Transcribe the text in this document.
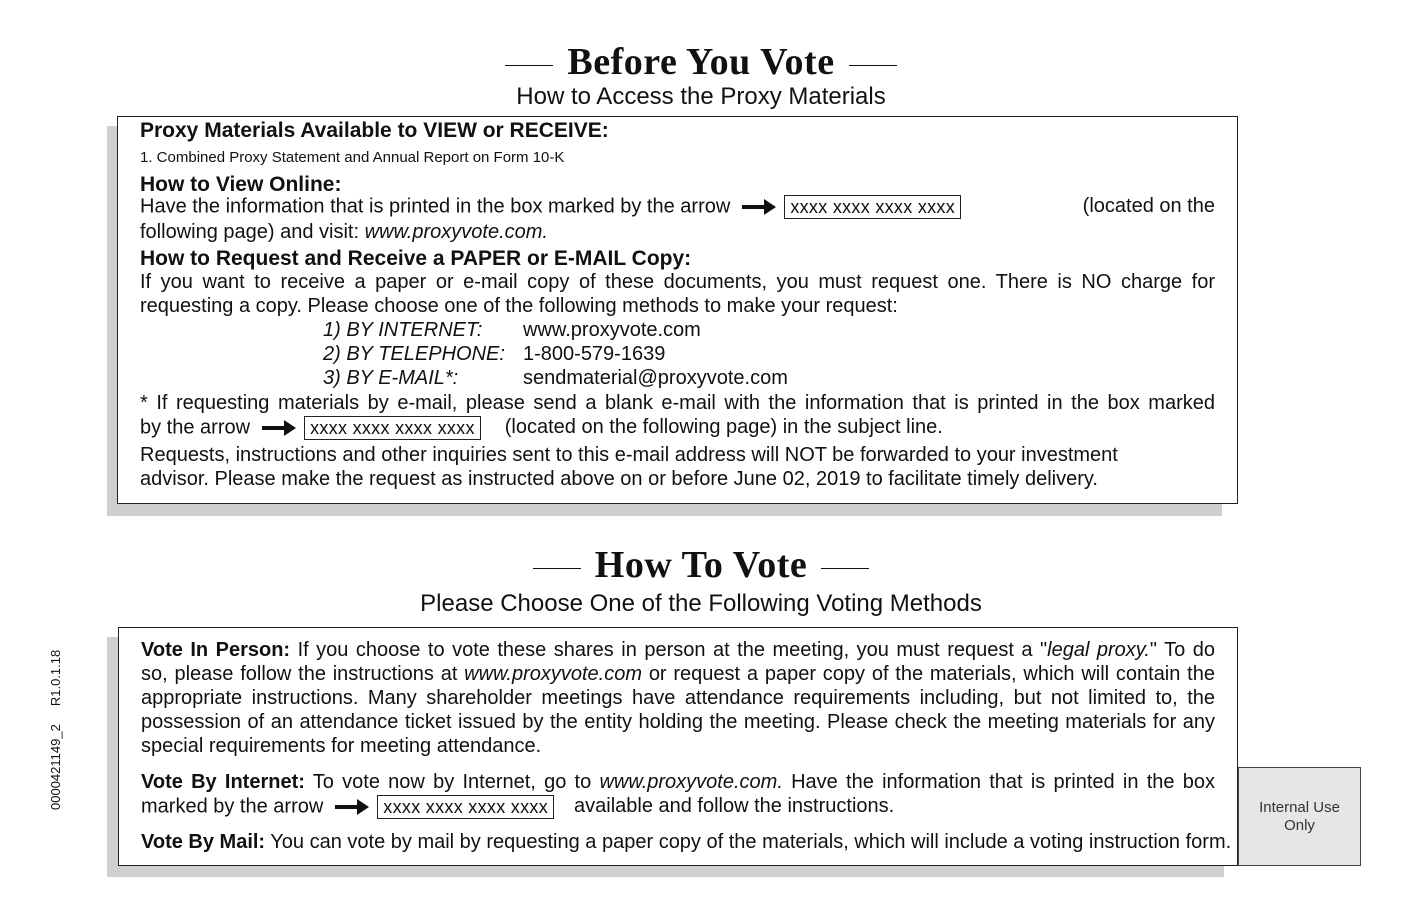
Before You Vote
How to Access the Proxy Materials
Proxy Materials Available to VIEW or RECEIVE:
1. Combined Proxy Statement and Annual Report on Form 10-K
How to View Online:
Have the information that is printed in the box marked by the arrow	xxxx xxxx xxxx xxxx	(located on the
following page) and visit: www.proxyvote.com.
How to Request and Receive a PAPER or E-MAIL Copy:
If you want to receive a paper or e-mail copy of these documents, you must request one. There is NO charge for
requesting a copy. Please choose one of the following methods to make your request:
1) BY INTERNET: www.proxyvote.com
2) BY TELEPHONE: 1-800-579-1639
3) BY E-MAIL*:	sendmaterial@proxyvote.com
* If requesting materials by e-mail, please send a blank e-mail with the information that is printed in the box marked
by the arrow	xxxx xxxx xxxx xxxx (located on the following page) in the subject line.
Requests, instructions and other inquiries sent to this e-mail address will NOT be forwarded to your investment
advisor. Please make the request as instructed above on or before June 02, 2019 to facilitate timely delivery.
How To Vote
Please Choose One of the Following Voting Methods
Vote In Person: If you choose to vote these shares in person at the meeting, you must request a "legal proxy." To do
so, please follow the instructions at www.proxyvote.com or request a paper copy of the materials, which will contain the
appropriate instructions. Many shareholder meetings have attendance requirements including, but not limited to, the
possession of an attendance ticket issued by the entity holding the meeting. Please check the meeting materials for any
special requirements for meeting attendance.
Vote By Internet: To vote now by Internet, go to www.proxyvote.com. Have the information that is printed in the box
marked by the arrow	xxxx xxxx xxxx xxxx available and follow the instructions.
Vote By Mail: You can vote by mail by requesting a paper copy of the materials, which will include a voting instruction form.
0000421149_2     R1.0.1.18	Internal Use Only
